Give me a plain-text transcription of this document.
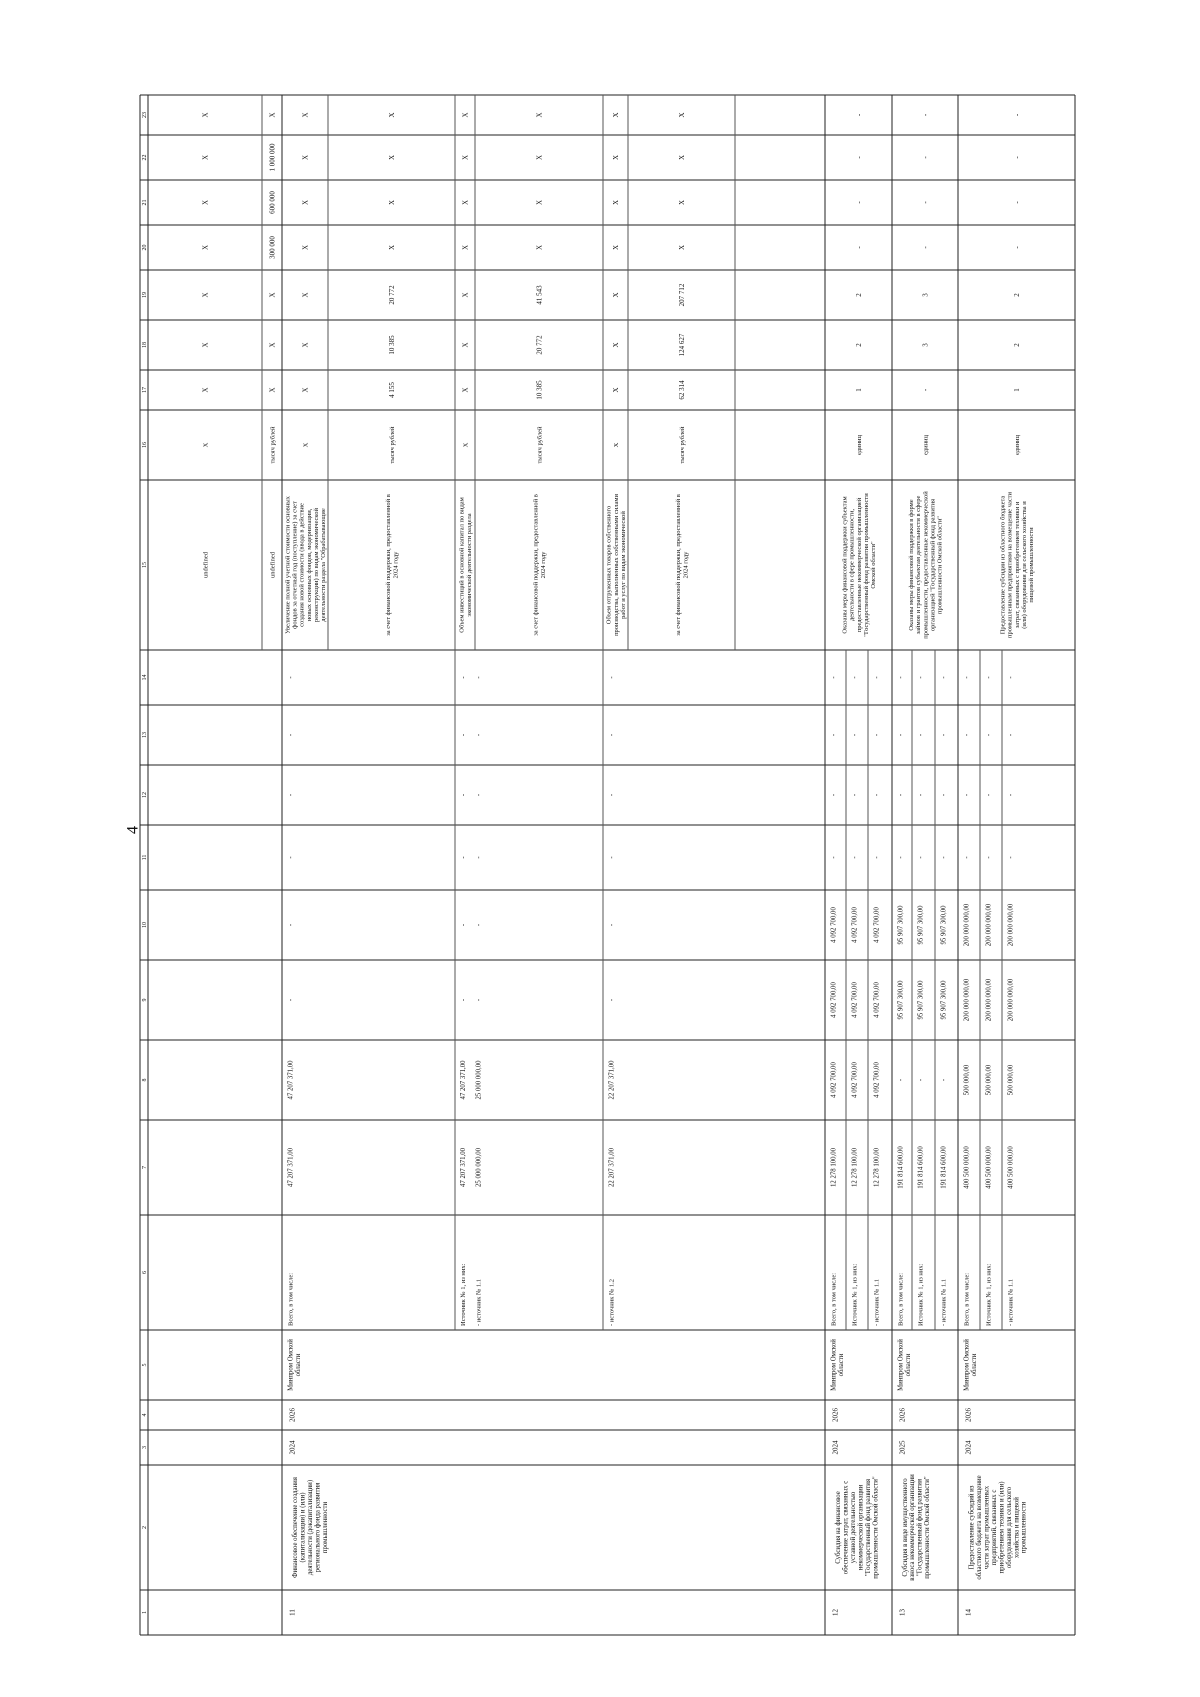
1
2
3
4
5
6
7
8
9
10
11
12
13
14
15
16
17
18
19
20
21
22
23
undefined
X
X
X
X
X
X
X
X
undefined
тысяч рублей
X
X
X
300 000
600 000
1 000 000
X
11
Финансовое обеспечение создания(капитализации) и (или)деятельности (докапитализации)регионального фонда развитияпромышленности
2024
2026
Минпром Омскойобласти
Всего, в том числе:
47 207 371,00
47 207 371,00
-
-
-
-
-
-
Источник № 1, из них:
47 207 371,00
47 207 371,00
-
-
-
-
-
-
- источник № 1.1
25 000 000,00
25 000 000,00
-
-
-
-
-
-
- источник № 1.2
22 207 371,00
22 207 371,00
-
-
-
-
-
-
Увеличение полной учетной стоимости основныхфондов за отчетный год (поступление) за счетсоздания новой стоимости (ввода в действиеновых основных фондов, модернизации,реконструкции) по видам экономическойдеятельности раздела "Обрабатывающие
X
X
X
X
X
X
X
X
за счет финансовой поддержки, предоставленной в2024 году
тысяч рублей
4 155
10 385
20 772
X
X
X
X
Объем инвестиций в основной капитал по видамэкономической деятельности раздела
X
X
X
X
X
X
X
X
за счет финансовой поддержки, предоставленной в2024 году
тысяч рублей
10 385
20 772
41 543
X
X
X
X
Объем отгруженных товаров собственногопроизводства, выполненных собственными силамиработ и услуг по видам экономической
X
X
X
X
X
X
X
X
за счет финансовой поддержки, предоставленной в2024 году
тысяч рублей
62 314
124 627
207 712
X
X
X
X
12
Субсидия на финансовоеобеспечение затрат, связанных суставной деятельностьюнекоммерческой организации"Государственный фонд развитияпромышленности Омской области"
2024
2026
Минпром Омскойобласти
Всего, в том числе:
12 278 100,00
4 092 700,00
4 092 700,00
4 092 700,00
-
-
-
-
Источник № 1, из них:
12 278 100,00
4 092 700,00
4 092 700,00
4 092 700,00
-
-
-
-
- источник № 1.1
12 278 100,00
4 092 700,00
4 092 700,00
4 092 700,00
-
-
-
-
Оказаны меры финансовой поддержки субъектамдеятельности в сфере промышленности,предоставленные некоммерческой организацией"Государственный фонд развития промышленностиОмской области"
единиц
1
2
2
-
-
-
-
13
Субсидия в виде имущественноговзноса некоммерческой организации"Государственный фонд развитияпромышленности Омской области"
2025
2026
Минпром Омскойобласти
Всего, в том числе:
191 814 600,00
-
95 907 300,00
95 907 300,00
-
-
-
-
Источник № 1, из них:
191 814 600,00
-
95 907 300,00
95 907 300,00
-
-
-
-
- источник № 1.1
191 814 600,00
-
95 907 300,00
95 907 300,00
-
-
-
-
Оказаны меры финансовой поддержки в формезаймов и грантов субъектам деятельности в сферепромышленности, предоставленные некоммерческойорганизацией "Государственный фонд развитияпромышленности Омской области"
единиц
-
3
3
-
-
-
-
14
Предоставление субсидий изобластного бюджета на возмещениечасти затрат промышленныхпредприятий, связанных сприобретением техники и (или)оборудования для сельскогохозяйства и пищевойпромышленности
2024
2026
Минпром Омскойобласти
Всего, в том числе:
400 500 000,00
500 000,00
200 000 000,00
200 000 000,00
-
-
-
-
Источник № 1, из них:
400 500 000,00
500 000,00
200 000 000,00
200 000 000,00
-
-
-
-
- источник № 1.1
400 500 000,00
500 000,00
200 000 000,00
200 000 000,00
-
-
-
-
Предоставление субсидии из областного бюджетапромышленным предприятиям на возмещение частизатрат, связанных с приобретением техники и(или) оборудования для сельского хозяйства ипищевой промышленности
единиц
1
2
2
-
-
-
-
4
